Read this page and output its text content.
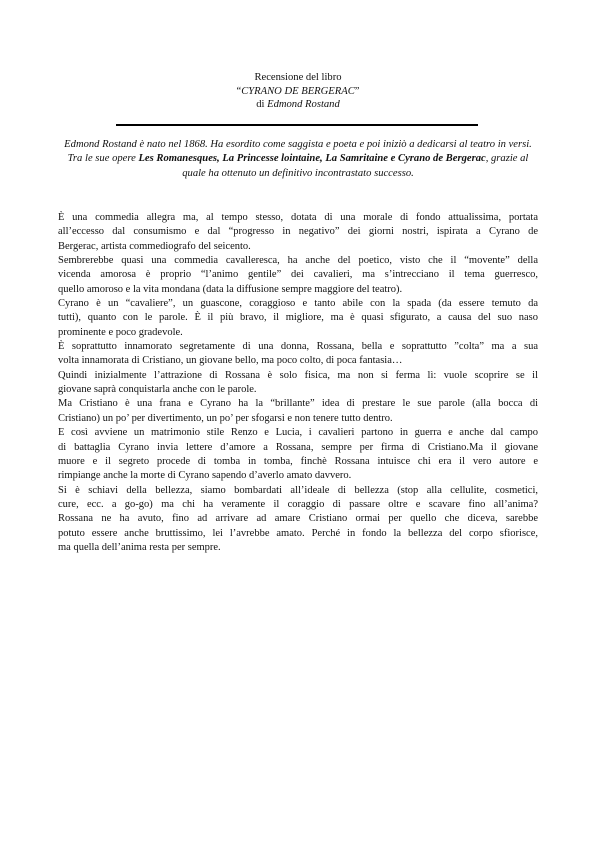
Recensione del libro
“CYRANO DE BERGERAC”
di Edmond Rostand
Edmond Rostand è nato nel 1868. Ha esordito come saggista e poeta e poi iniziò a dedicarsi al teatro in versi. Tra le sue opere Les Romanesques, La Princesse lointaine, La Samritaine e Cyrano de Bergerac, grazie al quale ha ottenuto un definitivo incontrastato successo.
È una commedia allegra ma, al tempo stesso, dotata di una morale di fondo attualissima, portata
all’eccesso dal consumismo e dal “progresso in negativo” dei giorni nostri, ispirata a Cyrano de
Bergerac, artista commediografo del seicento.
Sembrerebbe quasi una commedia cavalleresca, ha anche del poetico, visto che il “movente” della
vicenda amorosa è proprio “l’animo gentile” dei cavalieri, ma s’intrecciano il tema guerresco,
quello amoroso e la vita mondana (data la diffusione sempre maggiore del teatro).
Cyrano è un “cavaliere”, un guascone, coraggioso e tanto abile con la spada (da essere temuto da
tutti), quanto con le parole. È il più bravo, il migliore, ma è quasi sfigurato, a causa del suo naso
prominente e poco gradevole.
È soprattutto innamorato segretamente di una donna, Rossana, bella e soprattutto ”colta” ma a sua
volta innamorata di Cristiano, un giovane bello, ma poco colto, di poca fantasia…
Quindi inizialmente l’attrazione di Rossana è solo fisica, ma non si ferma lì: vuole scoprire se il
giovane saprà conquistarla anche con le parole.
Ma Cristiano è una frana e Cyrano ha la “brillante” idea di prestare le sue parole (alla bocca di
Cristiano) un po’ per divertimento, un po’ per sfogarsi e non tenere tutto dentro.
E così avviene un matrimonio stile Renzo e Lucia, i cavalieri partono in guerra e anche dal campo
di battaglia Cyrano invia lettere d’amore a Rossana, sempre per firma di Cristiano.Ma il giovane
muore e il segreto procede di tomba in tomba, finchè Rossana intuisce chi era il vero autore e
rimpiange anche la morte di Cyrano sapendo d’averlo amato davvero.
Si è schiavi della bellezza, siamo bombardati all’ideale di bellezza (stop alla cellulite, cosmetici,
cure, ecc. a go-go) ma chi ha veramente il coraggio di passare oltre e scavare fino all’anima?
Rossana ne ha avuto, fino ad arrivare ad amare Cristiano ormai per quello che diceva, sarebbe
potuto essere anche bruttissimo, lei l’avrebbe amato. Perché in fondo la bellezza del corpo sfiorisce,
ma quella dell’anima resta per sempre.
